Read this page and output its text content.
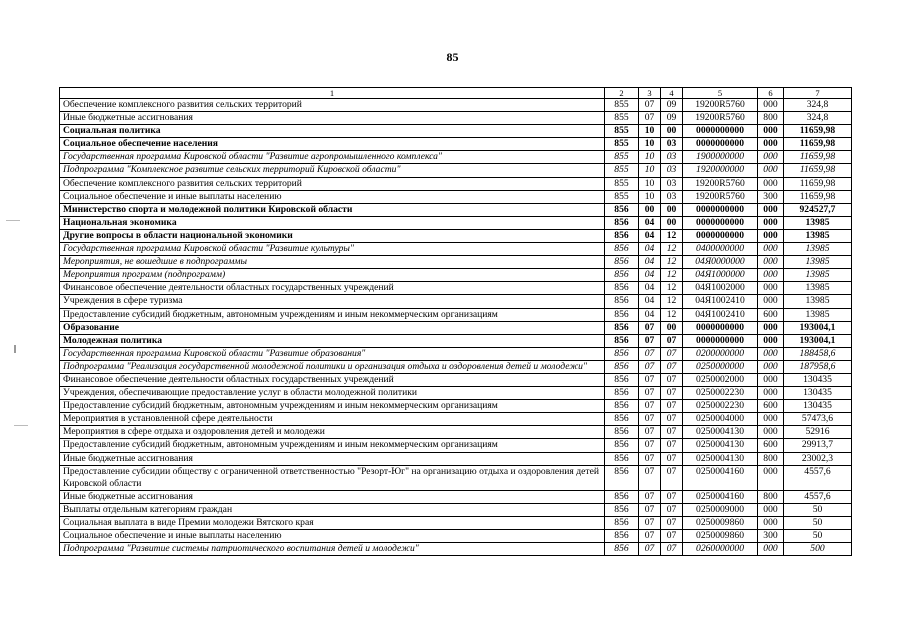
85
1	2	3	4	5	6	7
Обеспечение комплексного развития сельских территорий	855	07	09	19200R5760	000	324,8
Иные бюджетные ассигнования	855	07	09	19200R5760	800	324,8
Социальная политика	855	10	00	0000000000	000	11659,98
Социальное обеспечение населения	855	10	03	0000000000	000	11659,98
Государственная программа Кировской области "Развитие агропромышленного комплекса"	855	10	03	1900000000	000	11659,98
Подпрограмма "Комплексное развитие сельских территорий Кировской области"	855	10	03	1920000000	000	11659,98
Обеспечение комплексного развития сельских территорий	855	10	03	19200R5760	000	11659,98
Социальное обеспечение и иные выплаты населению	855	10	03	19200R5760	300	11659,98
Министерство спорта и молодежной политики Кировской области	856	00	00	0000000000	000	924527,7
Национальная экономика	856	04	00	0000000000	000	13985
Другие вопросы в области национальной экономики	856	04	12	0000000000	000	13985
Государственная программа Кировской области "Развитие культуры"	856	04	12	0400000000	000	13985
Мероприятия, не вошедшие в подпрограммы	856	04	12	04Я0000000	000	13985
Мероприятия программ (подпрограмм)	856	04	12	04Я1000000	000	13985
Финансовое обеспечение деятельности областных государственных учреждений	856	04	12	04Я1002000	000	13985
Учреждения в сфере туризма	856	04	12	04Я1002410	000	13985
Предоставление субсидий бюджетным, автономным учреждениям и иным некоммерческим организациям	856	04	12	04Я1002410	600	13985
Образование	856	07	00	0000000000	000	193004,1
Молодежная политика	856	07	07	0000000000	000	193004,1
Государственная программа Кировской области "Развитие образования"	856	07	07	0200000000	000	188458,6
Подпрограмма "Реализация государственной молодежной политики и организация отдыха и оздоровления детей и молодежи"	856	07	07	0250000000	000	187958,6
Финансовое обеспечение деятельности областных государственных учреждений	856	07	07	0250002000	000	130435
Учреждения, обеспечивающие предоставление услуг в области молодежной политики	856	07	07	0250002230	000	130435
Предоставление субсидий бюджетным, автономным учреждениям и иным некоммерческим организациям	856	07	07	0250002230	600	130435
Мероприятия в установленной сфере деятельности	856	07	07	0250004000	000	57473,6
Мероприятия в сфере отдыха и оздоровления детей и молодежи	856	07	07	0250004130	000	52916
Предоставление субсидий бюджетным, автономным учреждениям и иным некоммерческим организациям	856	07	07	0250004130	600	29913,7
Иные бюджетные ассигнования	856	07	07	0250004130	800	23002,3
Предоставление субсидии обществу с ограниченной ответственностью "Резорт-Юг" на организацию отдыха и оздоровления детей Кировской области	856	07	07	0250004160	000	4557,6
Иные бюджетные ассигнования	856	07	07	0250004160	800	4557,6
Выплаты отдельным категориям граждан	856	07	07	0250009000	000	50
Социальная выплата в виде Премии молодежи Вятского края	856	07	07	0250009860	000	50
Социальное обеспечение и иные выплаты населению	856	07	07	0250009860	300	50
Подпрограмма "Развитие системы патриотического воспитания детей и молодежи"	856	07	07	0260000000	000	500
